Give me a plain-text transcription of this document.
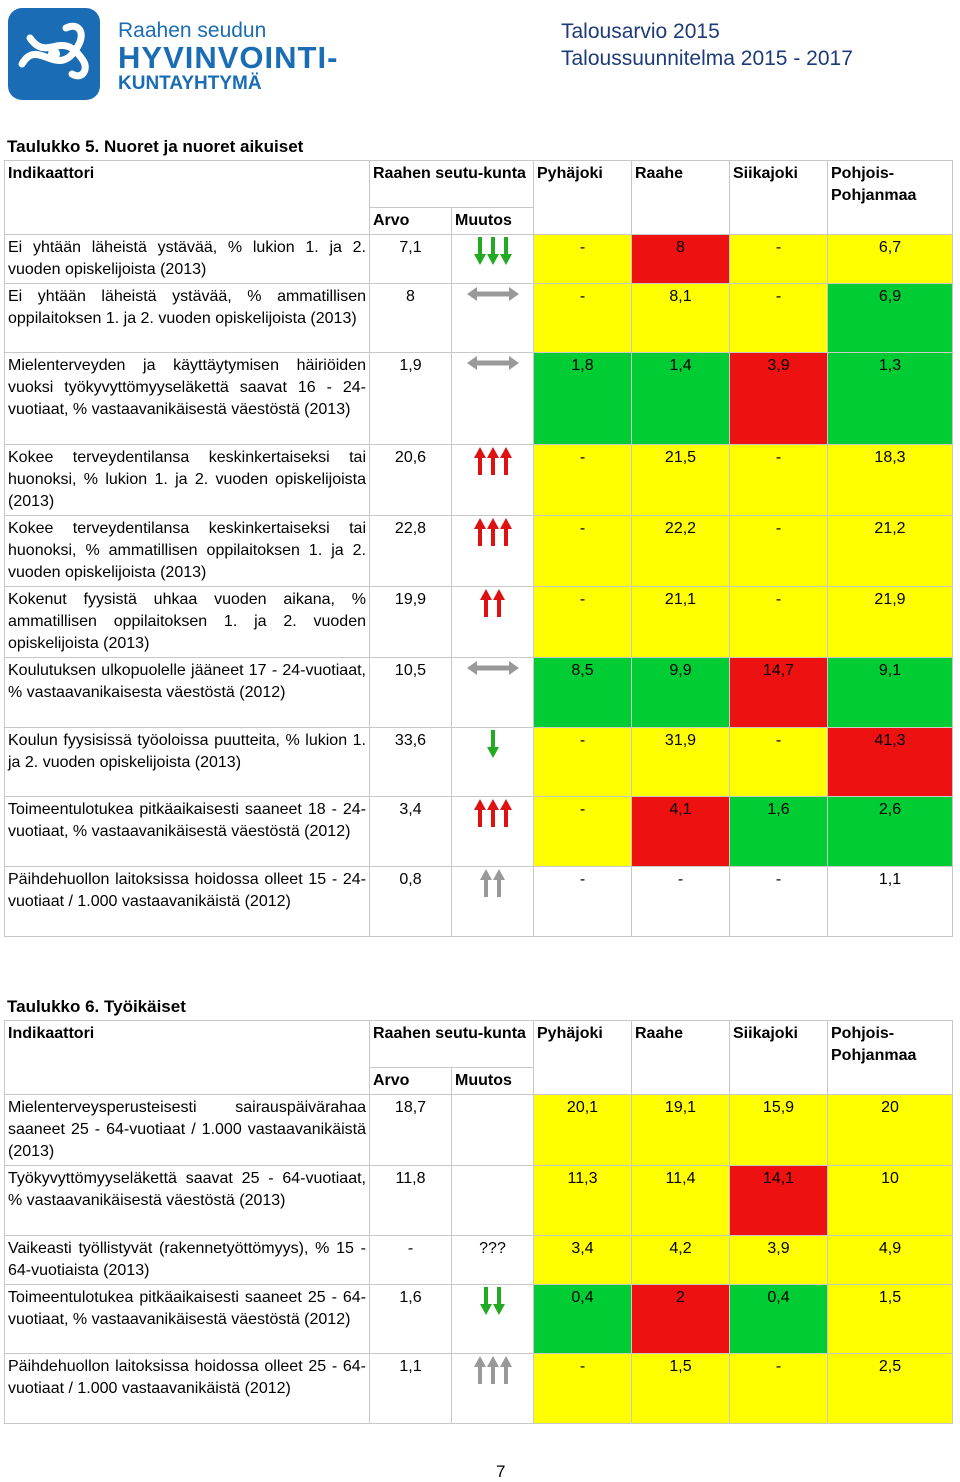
Raahen seudun
HYVINVOINTI-
KUNTAYHTYMÄ
Talousarvio 2015
Taloussuunnitelma 2015 - 2017
Taulukko 5. Nuoret ja nuoret aikuiset
Indikaattori	Raahen seutu-kunta		Pyhäjoki	Raahe	Siikajoki	Pohjois-Pohjanmaa
	Arvo	Muutos				
Ei yhtään läheistä ystävää, % lukion 1. ja 2. vuoden opiskelijoista (2013)	7,1		-	8	-	6,7
Ei yhtään läheistä ystävää, % ammatillisen oppilaitoksen 1. ja 2. vuoden opiskelijoista (2013)	8		-	8,1	-	6,9
Mielenterveyden ja käyttäytymisen häiriöiden vuoksi työkyvyttömyyseläkettä saavat 16 - 24-vuotiaat, % vastaavanikäisestä väestöstä (2013)	1,9		1,8	1,4	3,9	1,3
Kokee terveydentilansa keskinkertaiseksi tai huonoksi, % lukion 1. ja 2. vuoden opiskelijoista (2013)	20,6		-	21,5	-	18,3
Kokee terveydentilansa keskinkertaiseksi tai huonoksi, % ammatillisen oppilaitoksen 1. ja 2. vuoden opiskelijoista (2013)	22,8		-	22,2	-	21,2
Kokenut fyysistä uhkaa vuoden aikana, % ammatillisen oppilaitoksen 1. ja 2. vuoden opiskelijoista (2013)	19,9		-	21,1	-	21,9
Koulutuksen ulkopuolelle jääneet 17 - 24-vuotiaat, % vastaavanikaisesta väestöstä (2012)	10,5		8,5	9,9	14,7	9,1
Koulun fyysisissä työoloissa puutteita, % lukion 1. ja 2. vuoden opiskelijoista (2013)	33,6		-	31,9	-	41,3
Toimeentulotukea pitkäaikaisesti saaneet 18 - 24-vuotiaat, % vastaavanikäisestä väestöstä (2012)	3,4		-	4,1	1,6	2,6
Päihdehuollon laitoksissa hoidossa olleet 15 - 24-vuotiaat / 1.000 vastaavanikäistä (2012)	0,8		-	-	-	1,1
Taulukko 6. Työikäiset
Indikaattori	Raahen seutu-kunta		Pyhäjoki	Raahe	Siikajoki	Pohjois-Pohjanmaa
	Arvo	Muutos				
Mielenterveysperusteisesti sairauspäivärahaa saaneet 25 - 64-vuotiaat / 1.000 vastaavanikäistä (2013)	18,7		20,1	19,1	15,9	20
Työkyvyttömyyseläkettä saavat 25 - 64-vuotiaat, % vastaavanikäisestä väestöstä (2013)	11,8		11,3	11,4	14,1	10
Vaikeasti työllistyvät (rakennetyöttömyys), % 15 - 64-vuotiaista (2013)	-	???	3,4	4,2	3,9	4,9
Toimeentulotukea pitkäaikaisesti saaneet 25 - 64-vuotiaat, % vastaavanikäisestä väestöstä (2012)	1,6		0,4	2	0,4	1,5
Päihdehuollon laitoksissa hoidossa olleet 25 - 64-vuotiaat / 1.000 vastaavanikäistä (2012)	1,1		-	1,5	-	2,5
7
